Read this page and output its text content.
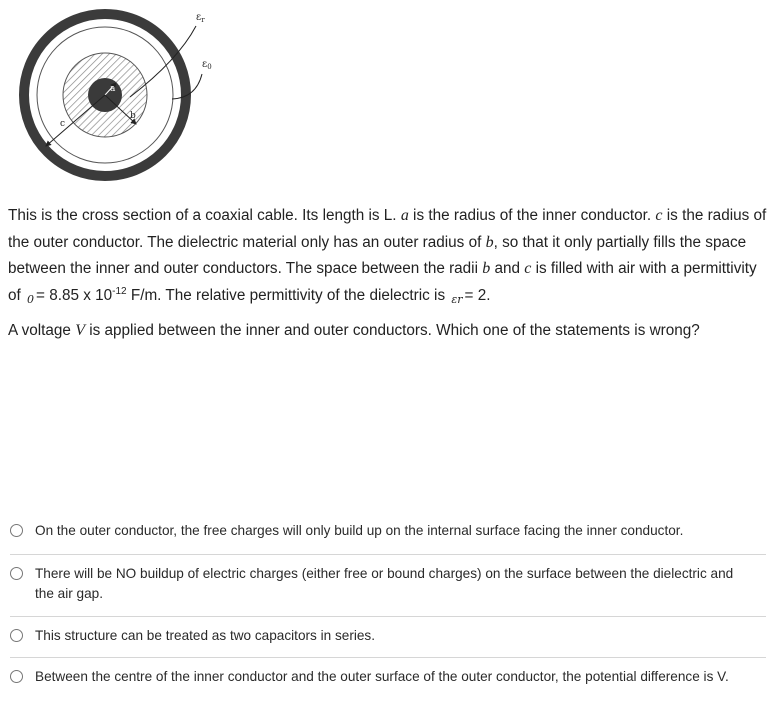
a
b
c
$\varepsilon_r$
$\varepsilon_0$

This is the cross section of a coaxial cable. Its length is L. a is the radius of the inner conductor. c is the radius of the outer conductor. The dielectric material only has an outer radius of b, so that it only partially fills the space between the inner and outer conductors. The space between the radii b and c is filled with air with a permittivity of 0 = 8.85 x $10^{-12}$ F/m. The relative permittivity of the dielectric is εr = 2.

A voltage V is applied between the inner and outer conductors. Which one of the statements is wrong?

On the outer conductor, the free charges will only build up on the internal surface facing the inner conductor.
There will be NO buildup of electric charges (either free or bound charges) on the surface between the dielectric and the air gap.
This structure can be treated as two capacitors in series.
Between the centre of the inner conductor and the outer surface of the outer conductor, the potential difference is V.
